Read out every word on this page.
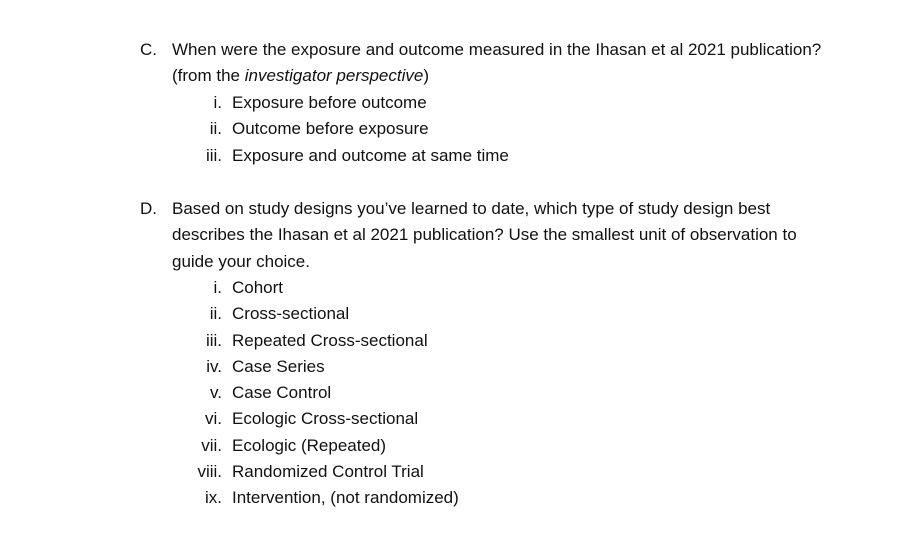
C. When were the exposure and outcome measured in the Ihasan et al 2021 publication? (from the investigator perspective)
i. Exposure before outcome
ii. Outcome before exposure
iii. Exposure and outcome at same time
D. Based on study designs you’ve learned to date, which type of study design best describes the Ihasan et al 2021 publication? Use the smallest unit of observation to guide your choice.
i. Cohort
ii. Cross-sectional
iii. Repeated Cross-sectional
iv. Case Series
v. Case Control
vi. Ecologic Cross-sectional
vii. Ecologic (Repeated)
viii. Randomized Control Trial
ix. Intervention, (not randomized)
